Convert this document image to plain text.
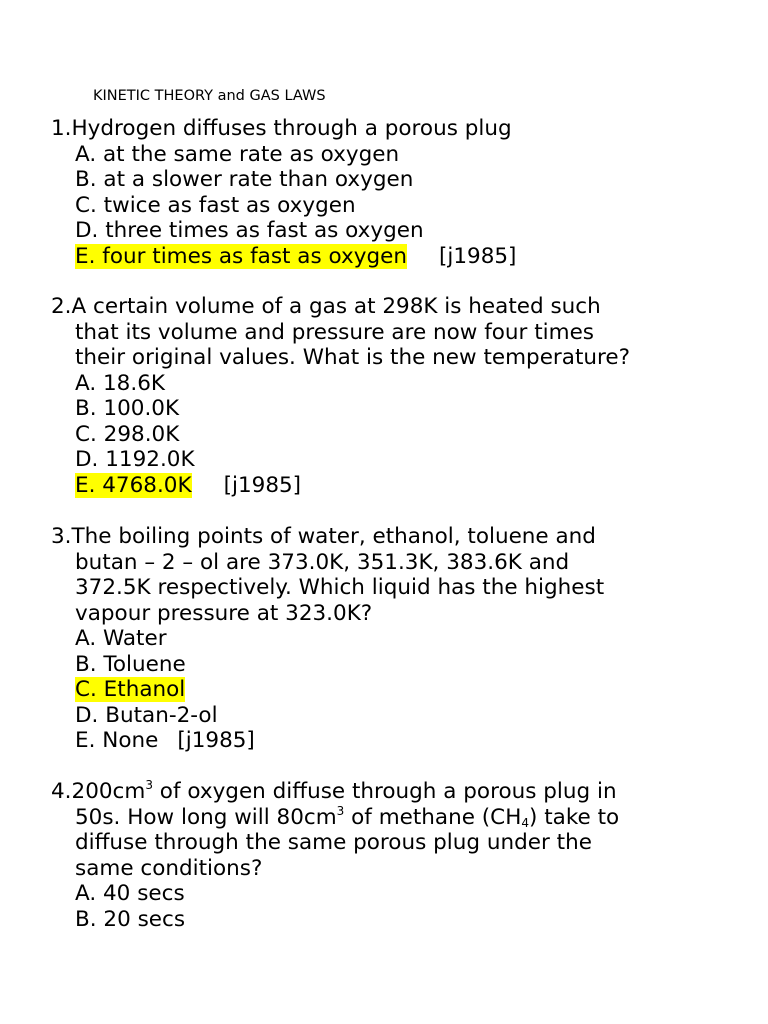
KINETIC THEORY and GAS LAWS
1.Hydrogen diffuses through a porous plug
A. at the same rate as oxygen
B. at a slower rate than oxygen
C. twice as fast as oxygen
D. three times as fast as oxygen
E. four times as fast as oxygen [j1985]
2.A certain volume of a gas at 298K is heated such
that its volume and pressure are now four times
their original values. What is the new temperature?
A. 18.6K
B. 100.0K
C. 298.0K
D. 1192.0K
E. 4768.0K [j1985]
3.The boiling points of water, ethanol, toluene and
butan – 2 – ol are 373.0K, 351.3K, 383.6K and
372.5K respectively. Which liquid has the highest
vapour pressure at 323.0K?
A. Water
B. Toluene
C. Ethanol
D. Butan-2-ol
E. None [j1985]
$4.200cm^3$ of oxygen diffuse through a porous plug in
50s. How long will $80cm^3$ of methane $(CH_4)$ take to
diffuse through the same porous plug under the
same conditions?
A. 40 secs
B. 20 secs
